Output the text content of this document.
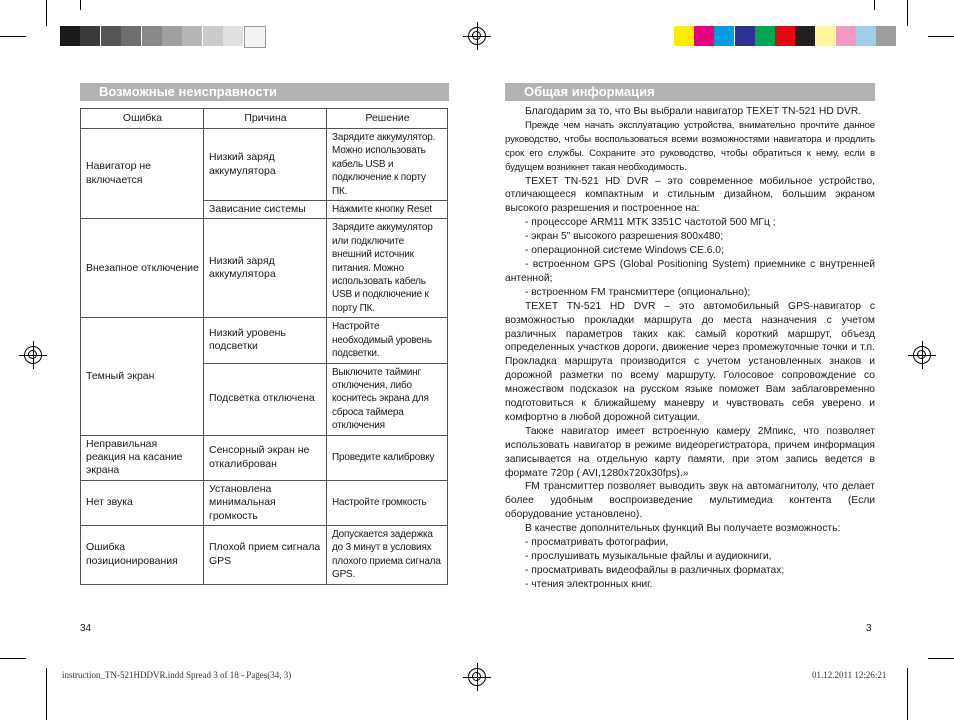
Возможные неисправности
Ошибка	Причина	Решение
Навигатор не включается	Низкий заряд аккумулятора	Зарядите аккумулятор. Можно использовать кабель USB и подключение к порту ПК.
	Зависание системы	Нажмите кнопку Reset
Внезапное отключение	Низкий заряд аккумулятора	Зарядите аккумулятор или подключите внешний источник питания. Можно использовать кабель USB и подключение к порту ПК.
Темный экран	Низкий уровень подсветки	Настройте необходимый уровень подсветки.
	Подсветка отключена	Выключите тайминг отключения, либо коснитесь экрана для сброса таймера отключения
Неправильная реакция на касание экрана	Сенсорный экран не откалиброван	Проведите калибровку
Нет звука	Установлена минимальная громкость	Настройте громкость
Ошибка позиционирования	Плохой прием сигнала GPS	Допускается задержка до 3 минут в условиях плохого приема сигнала GPS.
34
Общая информация

Благодарим за то, что Вы выбрали навигатор TEXET TN-521 HD DVR.

Прежде чем начать эксплуатацию устройства, внимательно прочтите данное руководство, чтобы воспользоваться всеми возможностями навигатора и продлить срок его службы. Сохраните это руководство, чтобы обратиться к нему, если в будущем возникнет такая необходимость.

TEXET TN-521 HD DVR – это современное мобильное устройство, отличающееся компактным и стильным дизайном, большим экраном высокого разрешения и построенное на:

- процессоре ARM11 MTK 3351C частотой 500 МГц ;

- экран 5” высокого разрешения 800x480;

- операционной системе Windows CE.6.0;

- встроенном GPS (Global Positioning System) приемнике с внутренней антенной;

- встроенном FM трансмиттере (опционально);

TEXET TN-521 HD DVR – это автомобильный GPS-навигатор с возможностью прокладки маршрута до места назначения с учетом различных параметров таких как: самый короткий маршрут, объезд определенных участков дороги, движение через промежуточные точки и т.п. Прокладка маршрута производится с учетом установленных знаков и дорожной разметки по всему маршруту. Голосовое сопровождение со множеством подсказок на русском языке поможет Вам заблаговременно подготовиться к ближайшему маневру и чувствовать себя уверено и комфортно в любой дорожной ситуации.

Также навигатор имеет встроенную камеру 2Мпикс, что позволяет использовать навигатор в режиме видеорегистратора, причем информация записывается на отдельную карту памяти, при этом запись ведется в формате 720p ( AVI,1280x720x30fps).»

FM трансмиттер позволяет выводить звук на автомагнитолу, что делает более удобным воспроизведение мультимедиа контента (Если оборудование установлено).

В качестве дополнительных функций Вы получаете возможность:

- просматривать фотографии,

- прослушивать музыкальные файлы и аудиокниги,

- просматривать видеофайлы в различных форматах;

- чтения электронных книг.

3
instruction_TN-521HDDVR.indd Spread 3 of 18 - Pages(34, 3)	01.12.2011 12:26:21
